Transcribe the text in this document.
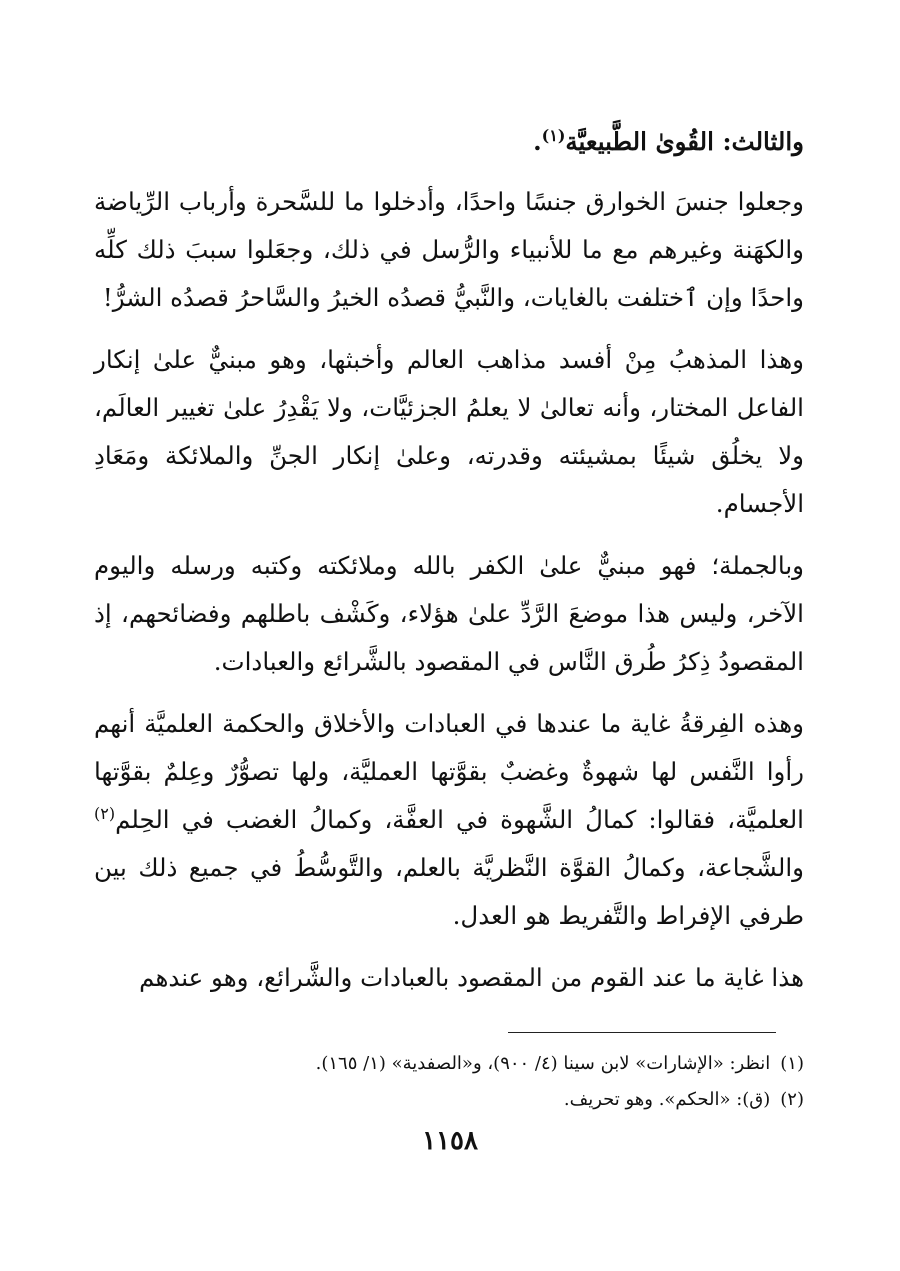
والثالث: القُوىٰ الطَّبيعيَّة$^{(١)}$.

وجعلوا جنسَ الخوارق جنسًا واحدًا، وأدخلوا ما للسَّحرة وأرباب الرِّياضة والكهَنة وغيرهم مع ما للأنبياء والرُّسل في ذلك، وجعَلوا سببَ ذلك كلِّه واحدًا وإن ٱختلفت بالغايات، والنَّبيُّ قصدُه الخيرُ والسَّاحرُ قصدُه الشرُّ!

وهذا المذهبُ مِنْ أفسد مذاهب العالم وأخبثها، وهو مبنيٌّ علىٰ إنكار الفاعل المختار، وأنه تعالىٰ لا يعلمُ الجزئيَّات، ولا يَقْدِرُ علىٰ تغيير العالَم، ولا يخلُق شيئًا بمشيئته وقدرته، وعلىٰ إنكار الجنِّ والملائكة ومَعَادِ الأجسام.

وبالجملة؛ فهو مبنيٌّ علىٰ الكفر بالله وملائكته وكتبه ورسله واليوم الآخر، وليس هذا موضعَ الرَّدِّ علىٰ هؤلاء، وكَشْف باطلهم وفضائحهم، إذ المقصودُ ذِكرُ طُرق النَّاس في المقصود بالشَّرائع والعبادات.

وهذه الفِرقةُ غاية ما عندها في العبادات والأخلاق والحكمة العلميَّة أنهم رأوا النَّفس لها شهوةٌ وغضبٌ بقوَّتها العمليَّة، ولها تصوُّرٌ وعِلمٌ بقوَّتها العلميَّة، فقالوا: كمالُ الشَّهوة في العفَّة، وكمالُ الغضب في الحِلم$^{(٢)}$ والشَّجاعة، وكمالُ القوَّة النَّظريَّة بالعلم، والتَّوسُّطُ في جميع ذلك بين طرفي الإفراط والتَّفريط هو العدل.

هذا غاية ما عند القوم من المقصود بالعبادات والشَّرائع، وهو عندهم

(١)انظر: «الإشارات» لابن سينا (٤/ ٩٠٠)، و«الصفدية» (١/ ١٦٥).

(٢)(ق): «الحكم». وهو تحريف.

١١٥٨
